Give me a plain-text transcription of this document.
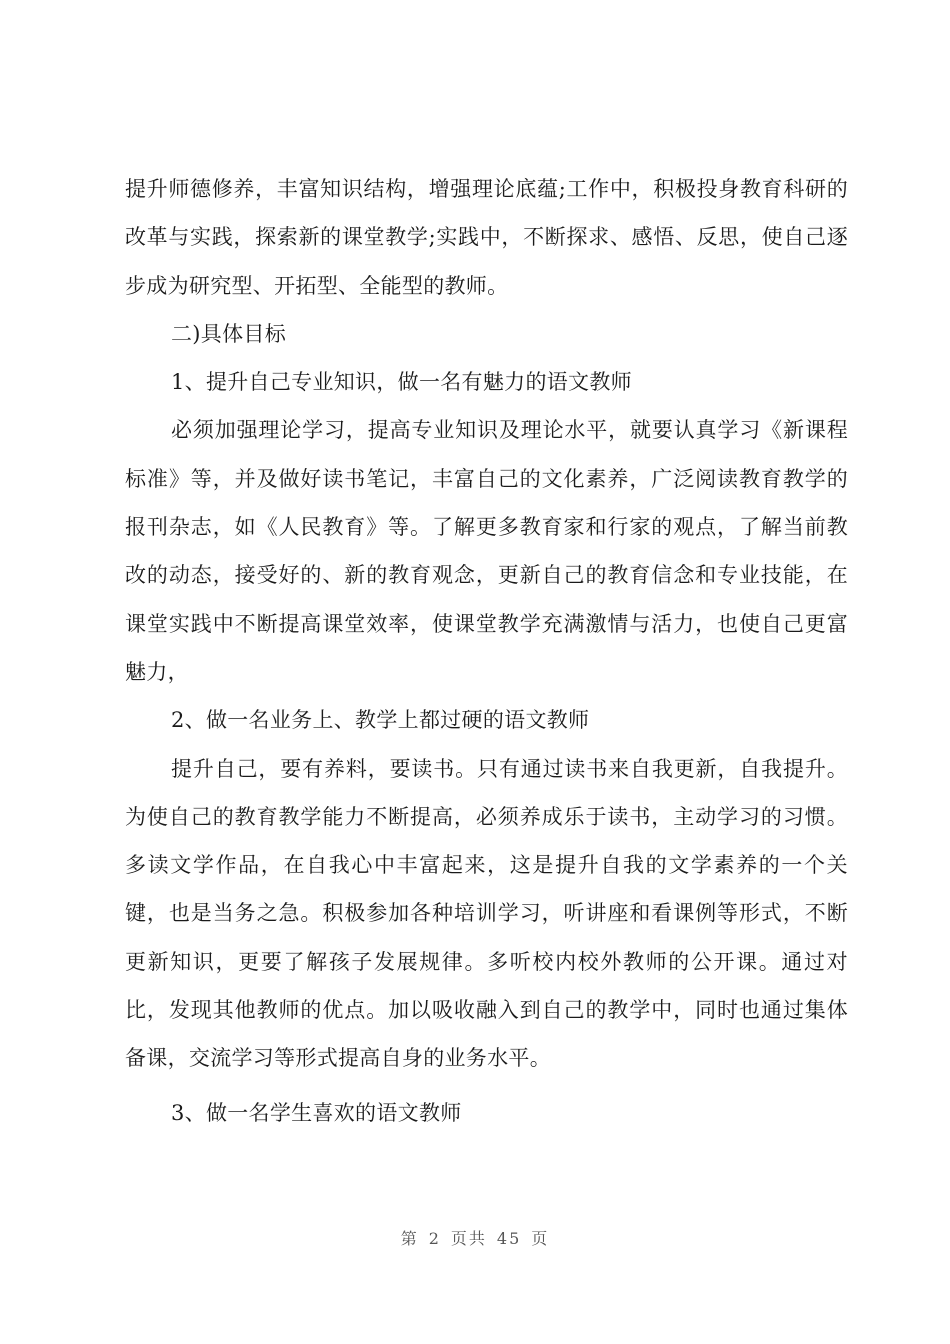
提升师德修养，丰富知识结构，增强理论底蕴;工作中，积极投身教育科研的改革与实践，探索新的课堂教学;实践中，不断探求、感悟、反思，使自己逐步成为研究型、开拓型、全能型的教师。

二)具体目标

1、提升自己专业知识，做一名有魅力的语文教师

必须加强理论学习，提高专业知识及理论水平，就要认真学习《新课程标准》等，并及做好读书笔记，丰富自己的文化素养，广泛阅读教育教学的报刊杂志，如《人民教育》等。了解更多教育家和行家的观点，了解当前教改的动态，接受好的、新的教育观念，更新自己的教育信念和专业技能，在课堂实践中不断提高课堂效率，使课堂教学充满激情与活力，也使自己更富魅力，

2、做一名业务上、教学上都过硬的语文教师

提升自己，要有养料，要读书。只有通过读书来自我更新，自我提升。为使自己的教育教学能力不断提高，必须养成乐于读书，主动学习的习惯。多读文学作品，在自我心中丰富起来，这是提升自我的文学素养的一个关键，也是当务之急。积极参加各种培训学习，听讲座和看课例等形式，不断更新知识，更要了解孩子发展规律。多听校内校外教师的公开课。通过对比，发现其他教师的优点。加以吸收融入到自己的教学中，同时也通过集体备课，交流学习等形式提高自身的业务水平。

3、做一名学生喜欢的语文教师

第 2 页共 45 页
